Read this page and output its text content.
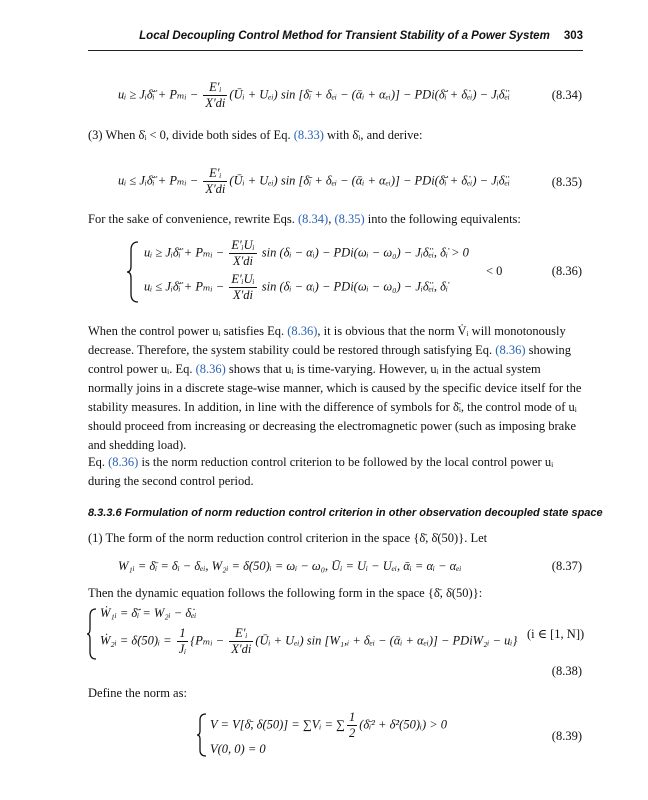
Local Decoupling Control Method for Transient Stability of a Power System 303
uᵢ ≥ Jᵢδ̄̈ᵢ + Pₘᵢ − $\frac{\text{E′ᵢ}}{X'di}$ (Ūᵢ + Uₑᵢ) sin [δ̄ᵢ + δₑᵢ − (ᾱᵢ + αₑᵢ)] − PDi(δ̄̇ᵢ + δ̇ₑᵢ) − Jᵢδ̈ₑᵢ	(8.34)
(3) When δ̇ᵢ < 0, divide both sides of Eq. (8.33) with δ̇ᵢ, and derive:
uᵢ ≤ Jᵢδ̄̈ᵢ + Pₘᵢ − $\frac{\text{E′ᵢ}}{X'di}$ (Ūᵢ + Uₑᵢ) sin [δ̄ᵢ + δₑᵢ − (ᾱᵢ + αₑᵢ)] − PDi(δ̄̇ᵢ + δ̇ₑᵢ) − Jᵢδ̈ₑᵢ	(8.35)
For the sake of convenience, rewrite Eqs. (8.34), (8.35) into the following equivalents:
uᵢ ≥ Jᵢδ̄̈ᵢ + Pₘᵢ − $\frac{\text{E′ᵢUᵢ}}{X'di}$ sin (δᵢ − αᵢ) − PDi(ωᵢ − ω₀) − Jᵢδ̈ₑᵢ, δ̇ᵢ > 0
uᵢ ≤ Jᵢδ̄̈ᵢ + Pₘᵢ − $\frac{\text{E′ᵢUᵢ}}{X'di}$ sin (δᵢ − αᵢ) − PDi(ωᵢ − ω₀) − Jᵢδ̈ₑᵢ, δ̇ᵢ
< 0	(8.36)
When the control power uᵢ satisfies Eq. (8.36), it is obvious that the norm V̇ᵢ will monotonously decrease. Therefore, the system stability could be restored through satisfying Eq. (8.36) showing control power uᵢ. Eq. (8.36) shows that uᵢ is time-varying. However, uᵢ in the actual system normally joins in a discrete stage-wise manner, which is caused by the specific device itself for the stability measures. In addition, in line with the difference of symbols for δ̄ᵢ, the control mode of uᵢ should proceed from increasing or decreasing the electromagnetic power (such as imposing brake and shedding load).
Eq. (8.36) is the norm reduction control criterion to be followed by the local control power uᵢ during the second control period.
8.3.3.6 Formulation of norm reduction control criterion in other observation decoupled state space
(1) The form of the norm reduction control criterion in the space {δ̄, δ̇(50)}. Let
W₁ᵢ = δ̄ᵢ = δᵢ − δₑᵢ, W₂ᵢ = δ̇(50)ᵢ = ωᵢ − ω₀, Ūᵢ = Uᵢ − Uₑᵢ, ᾱᵢ = αᵢ − αₑᵢ	(8.37)
Then the dynamic equation follows the following form in the space {δ̄, δ̇(50)}:
Ẇ₁ᵢ = δ̄̇ᵢ = W₂ᵢ − δ̇ₑᵢ
Ẇ₂ᵢ = δ̇(50)ᵢ = $\frac{1}{\text{Jᵢ}}$ {Pₘᵢ − $\frac{\text{E′ᵢ}}{X'di}$ (Ūᵢ + Uₑᵢ) sin [W₁,ᵢ + δₑᵢ − (ᾱᵢ + αₑᵢ)] − PDiW₂ᵢ − uᵢ} (i ∈ [1, N])
(8.38)
Define the norm as:
V = V[δ̄, δ̇(50)] = ∑Vᵢ = ∑ $\frac{1}{2}$ (δ̄ᵢ² + δ̇²(50)ᵢ) > 0
V(0, 0) = 0
(8.39)
